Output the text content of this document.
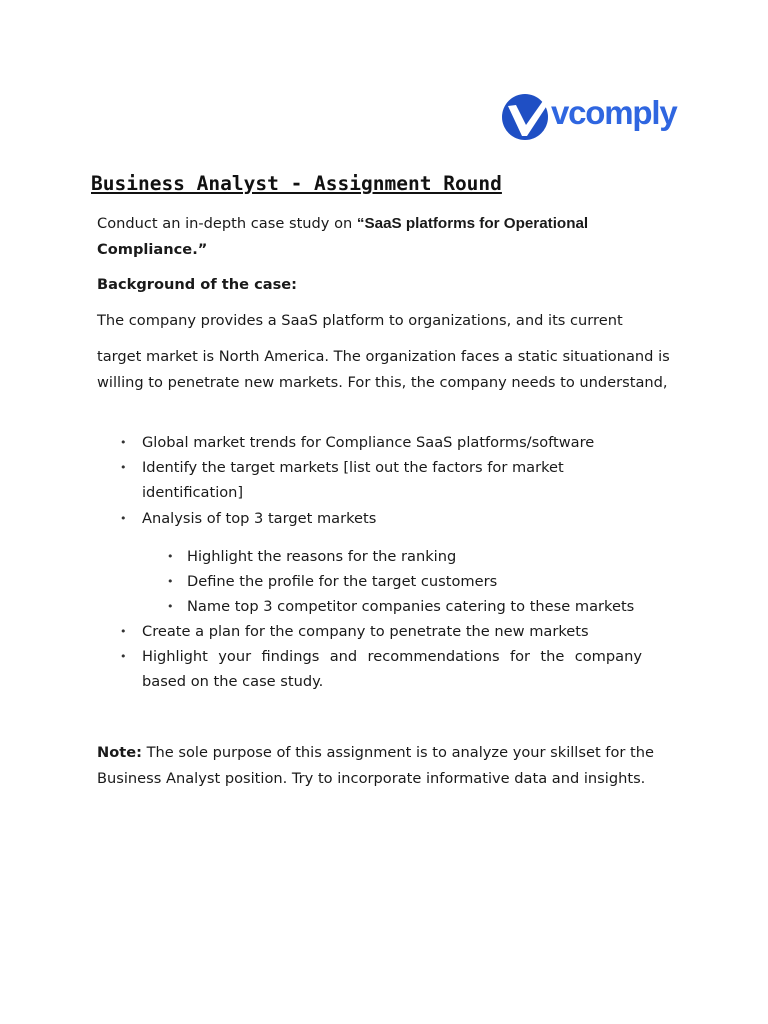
vcomply
Business Analyst - Assignment Round

Conduct an in-depth case study on “SaaS platforms for Operational
Compliance.”

Background of the case:

The company provides a SaaS platform to organizations, and its current

target market is North America. The organization faces a static situationand is willing to penetrate new markets. For this, the company needs to understand,

• Global market trends for Compliance SaaS platforms/software
• Identify the target markets [list out the factors for market identification]
• Analysis of top 3 target markets
• Highlight the reasons for the ranking
• Define the profile for the target customers
• Name top 3 competitor companies catering to these markets
• Create a plan for the company to penetrate the new markets
• Highlight your findings and recommendations for the company based on the case study.

Note: The sole purpose of this assignment is to analyze your skillset for the Business Analyst position. Try to incorporate informative data and insights.
